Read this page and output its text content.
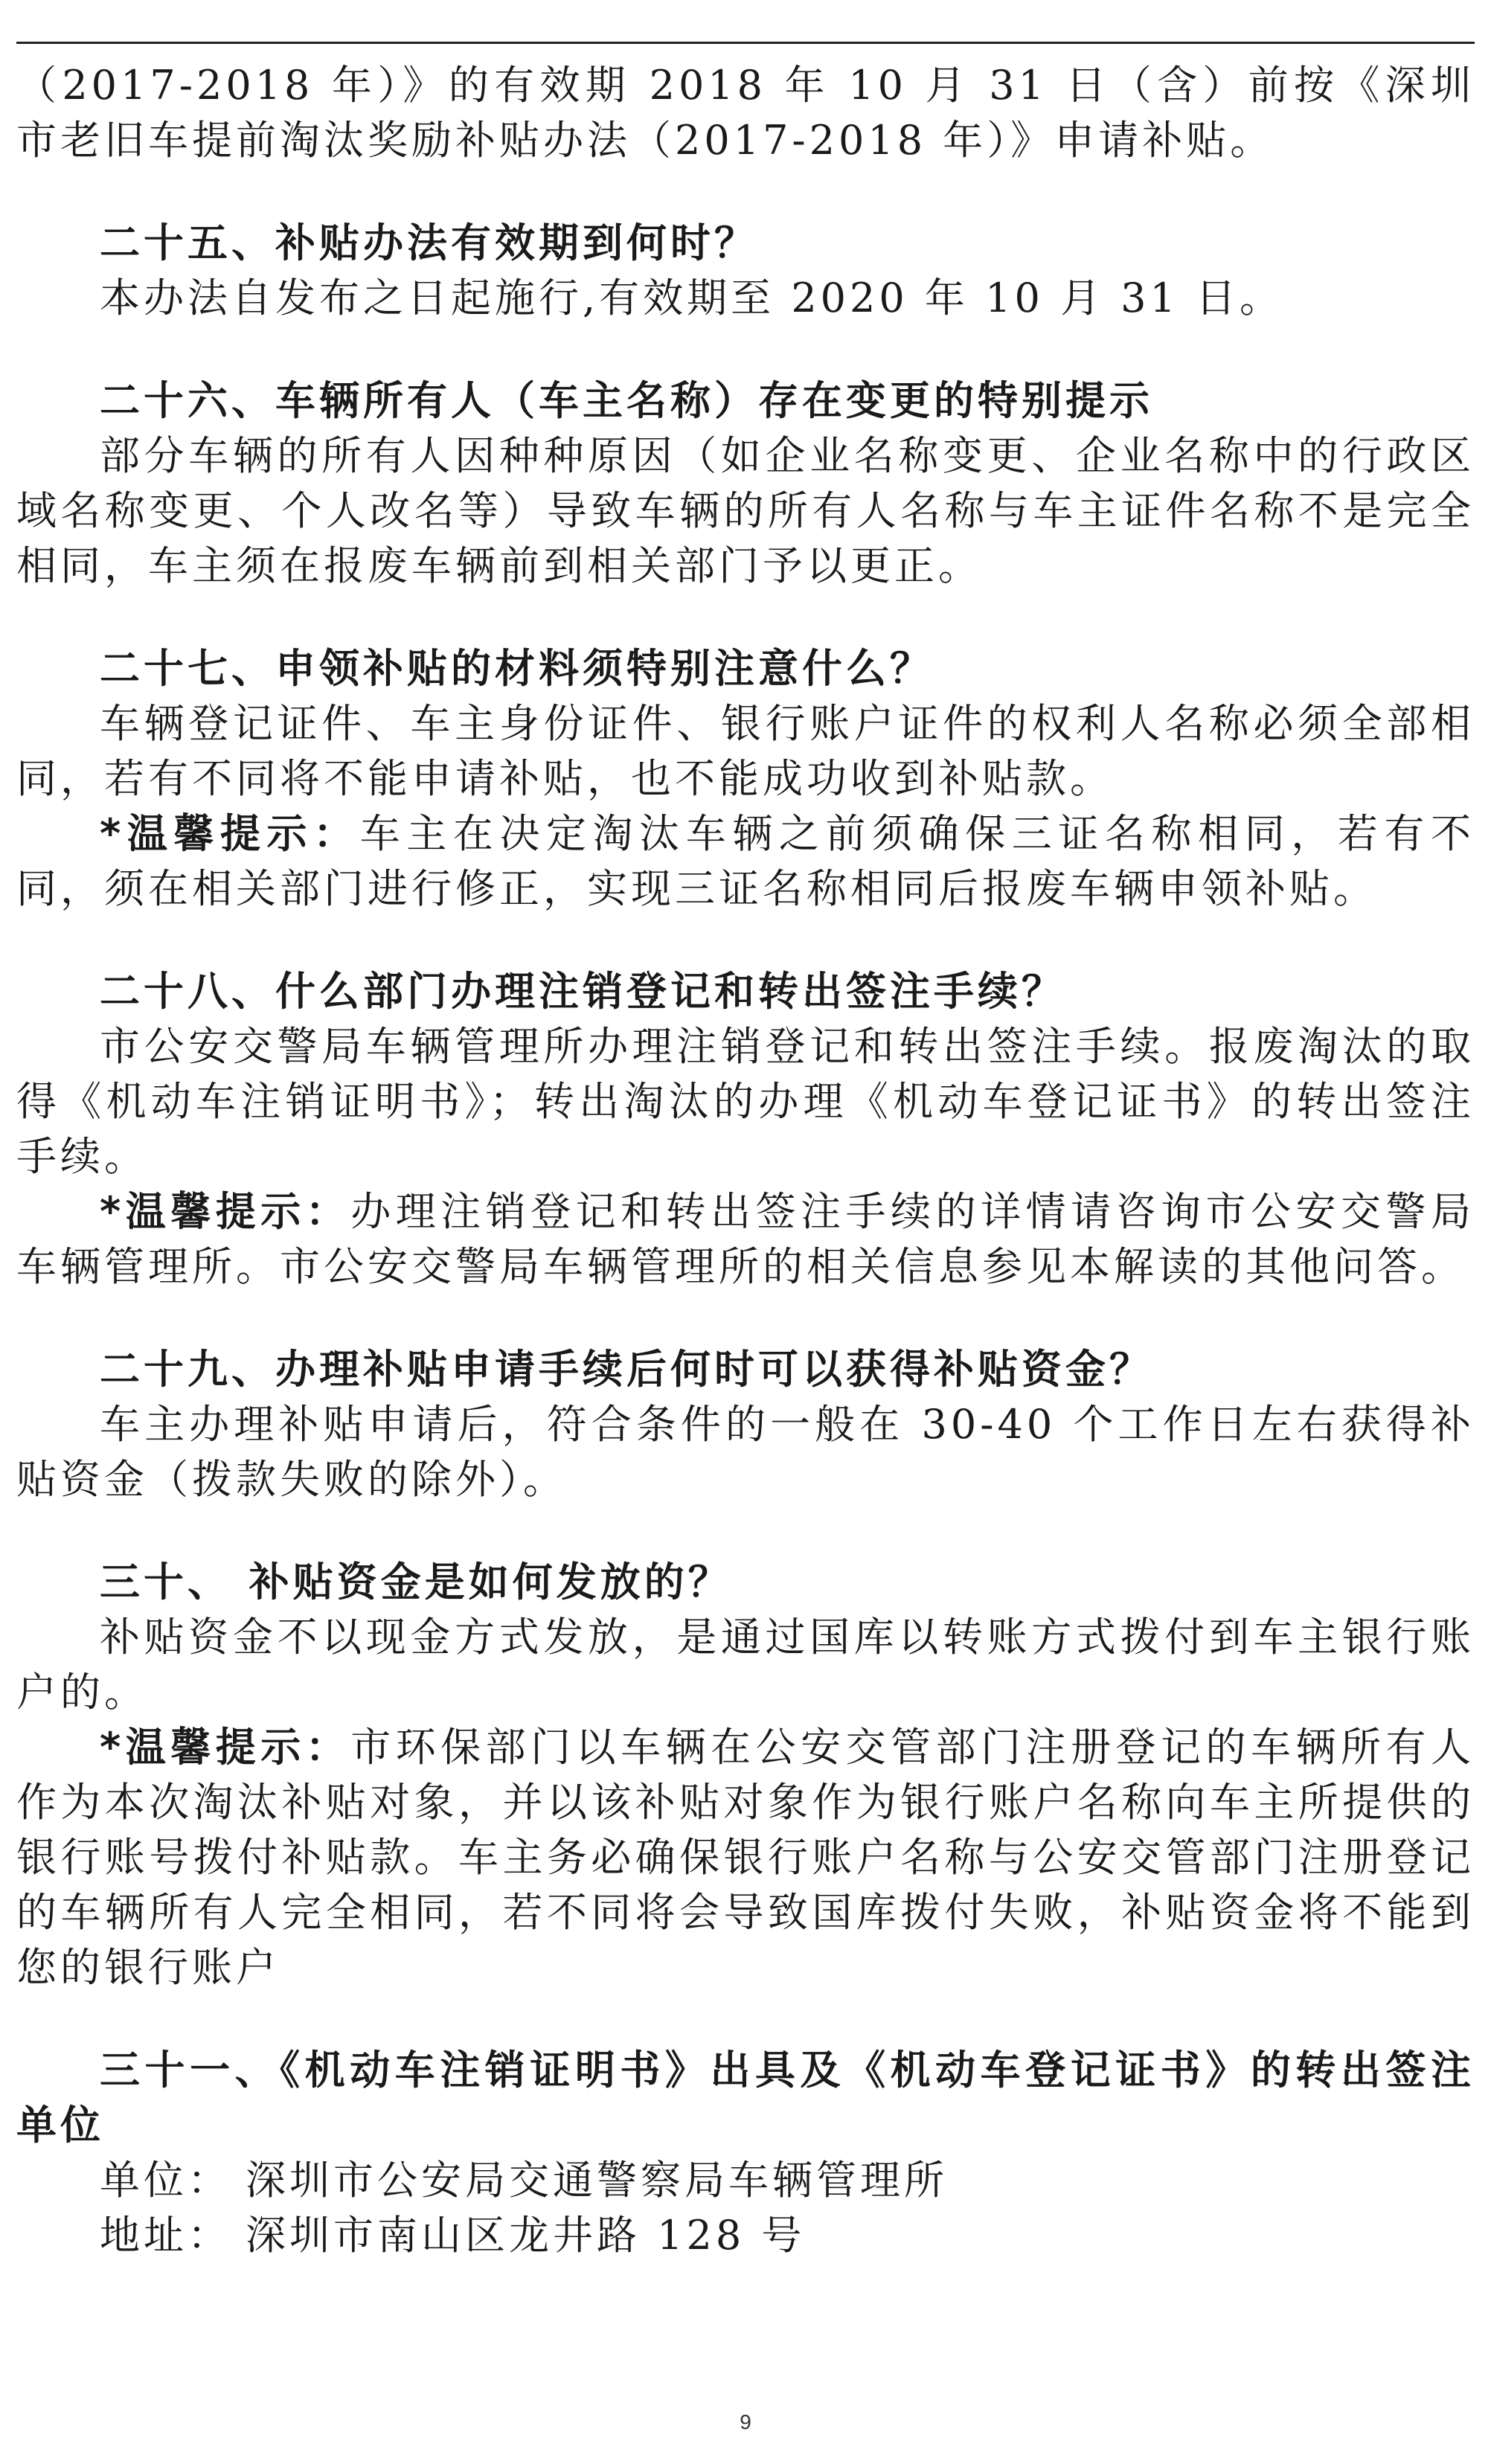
（2017-2018 年）》的有效期 2018 年 10 月 31 日（含）前按《深圳市老旧车提前淘汰奖励补贴办法（2017-2018 年）》申请补贴。

二十五、补贴办法有效期到何时？

本办法自发布之日起施行,有效期至 2020 年 10 月 31 日。

二十六、车辆所有人（车主名称）存在变更的特别提示

部分车辆的所有人因种种原因（如企业名称变更、企业名称中的行政区域名称变更、个人改名等）导致车辆的所有人名称与车主证件名称不是完全相同，车主须在报废车辆前到相关部门予以更正。

二十七、申领补贴的材料须特别注意什么？

车辆登记证件、车主身份证件、银行账户证件的权利人名称必须全部相同，若有不同将不能申请补贴，也不能成功收到补贴款。

*温馨提示：车主在决定淘汰车辆之前须确保三证名称相同，若有不同，须在相关部门进行修正，实现三证名称相同后报废车辆申领补贴。

二十八、什么部门办理注销登记和转出签注手续？

市公安交警局车辆管理所办理注销登记和转出签注手续。报废淘汰的取得《机动车注销证明书》；转出淘汰的办理《机动车登记证书》的转出签注手续。

*温馨提示：办理注销登记和转出签注手续的详情请咨询市公安交警局车辆管理所。市公安交警局车辆管理所的相关信息参见本解读的其他问答。

二十九、办理补贴申请手续后何时可以获得补贴资金？

车主办理补贴申请后，符合条件的一般在 30-40 个工作日左右获得补贴资金（拨款失败的除外）。

三十、 补贴资金是如何发放的？

补贴资金不以现金方式发放，是通过国库以转账方式拨付到车主银行账户的。

*温馨提示：市环保部门以车辆在公安交管部门注册登记的车辆所有人作为本次淘汰补贴对象，并以该补贴对象作为银行账户名称向车主所提供的银行账号拨付补贴款。车主务必确保银行账户名称与公安交管部门注册登记的车辆所有人完全相同，若不同将会导致国库拨付失败，补贴资金将不能到您的银行账户

三十一、《机动车注销证明书》出具及《机动车登记证书》的转出签注单位

单位： 深圳市公安局交通警察局车辆管理所

地址： 深圳市南山区龙井路 128 号

9
